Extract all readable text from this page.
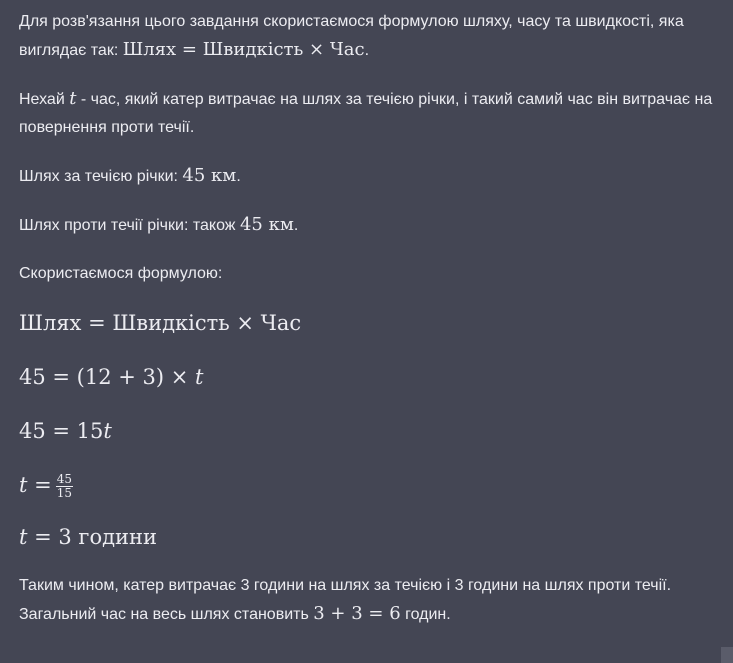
Для розв'язання цього завдання скористаємося формулою шляху, часу та швидкості, яка виглядає так: Шлях = Швидкість × Час.

Нехай t - час, який катер витрачає на шлях за течією річки, і такий самий час він витрачає на повернення проти течії.

Шлях за течією річки: 45 км.

Шлях проти течії річки: також 45 км.

Скористаємося формулою:

Шлях = Швидкість × Час
45 = (12 + 3) × t
45 = 15t
$t = \frac{45}{15}$
t = 3 години

Таким чином, катер витрачає 3 години на шлях за течією і 3 години на шлях проти течії. Загальний час на весь шлях становить 3 + 3 = 6 годин.
